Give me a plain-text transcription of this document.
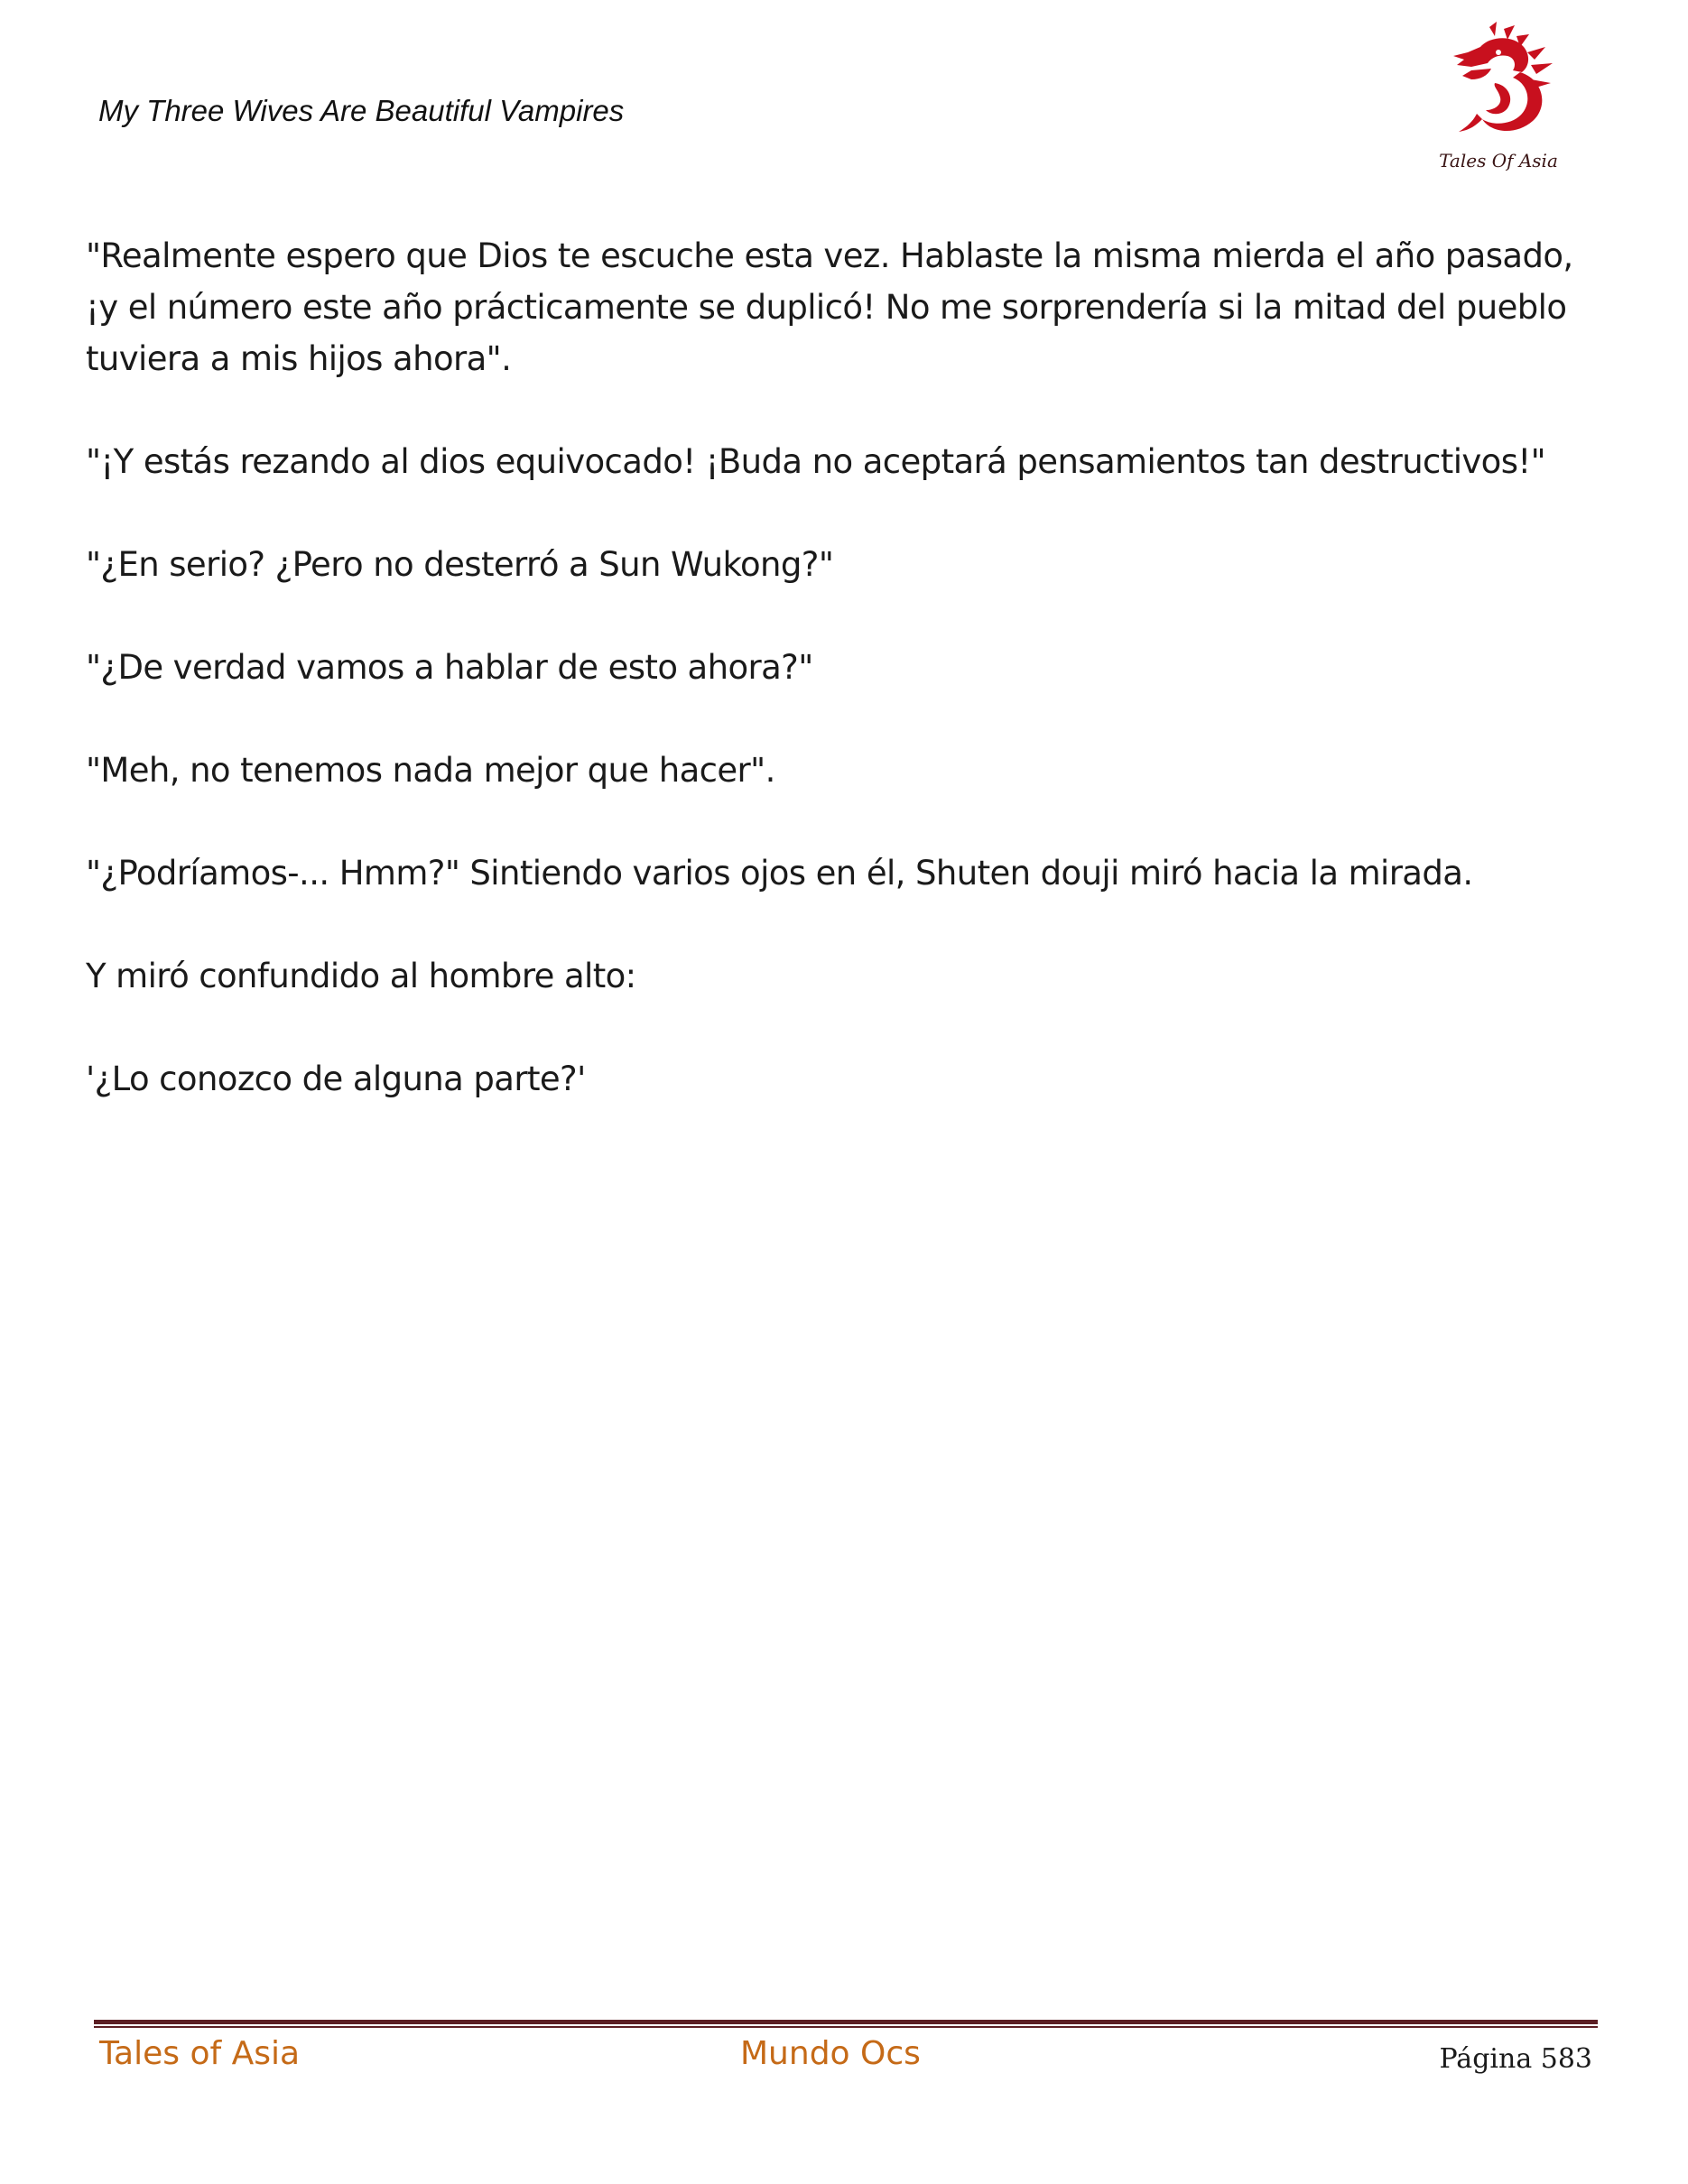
My Three Wives Are Beautiful Vampires
Tales Of Asia

"Realmente espero que Dios te escuche esta vez. Hablaste la misma mierda el año pasado, ¡y el número este año prácticamente se duplicó! No me sorprendería si la mitad del pueblo tuviera a mis hijos ahora".

"¡Y estás rezando al dios equivocado! ¡Buda no aceptará pensamientos tan destructivos!"

"¿En serio? ¿Pero no desterró a Sun Wukong?"

"¿De verdad vamos a hablar de esto ahora?"

"Meh, no tenemos nada mejor que hacer".

"¿Podríamos-... Hmm?" Sintiendo varios ojos en él, Shuten douji miró hacia la mirada.

Y miró confundido al hombre alto:

'¿Lo conozco de alguna parte?'

Tales of Asia	Mundo Ocs	Página 583
